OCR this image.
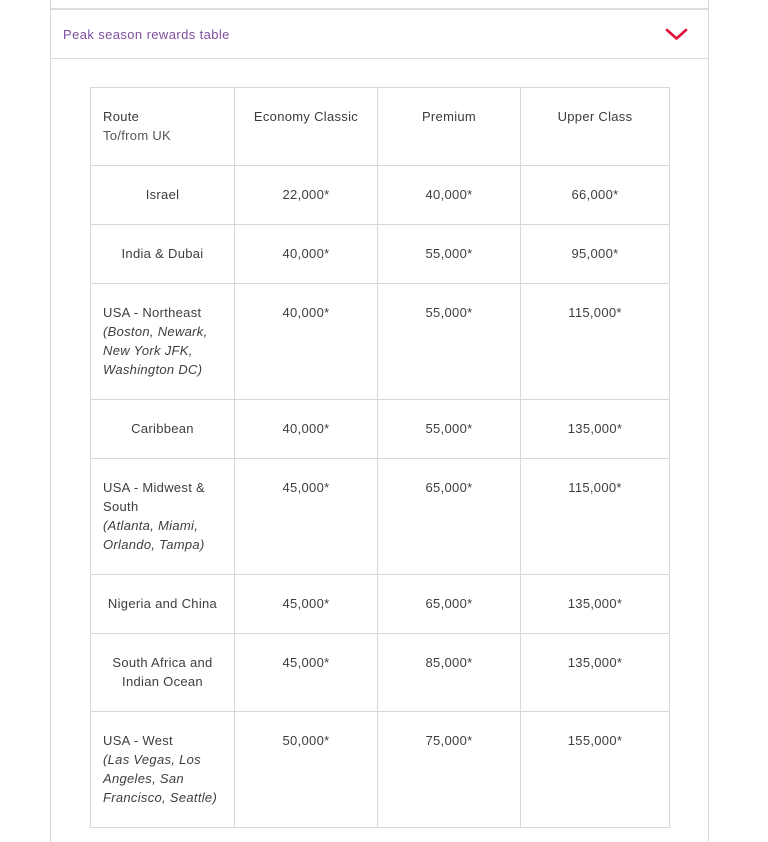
Peak season rewards table
Route
To/from UK	Economy Classic	Premium	Upper Class

Israel	22,000*	40,000*	66,000*

India & Dubai	40,000*	55,000*	95,000*

USA - Northeast
(Boston, Newark, New York JFK, Washington DC)	40,000*	55,000*	115,000*

Caribbean	40,000*	55,000*	135,000*

USA - Midwest & South
(Atlanta, Miami, Orlando, Tampa)	45,000*	65,000*	115,000*

Nigeria and China	45,000*	65,000*	135,000*

South Africa and Indian Ocean	45,000*	85,000*	135,000*

USA - West
(Las Vegas, Los Angeles, San Francisco, Seattle)	50,000*	75,000*	155,000*
